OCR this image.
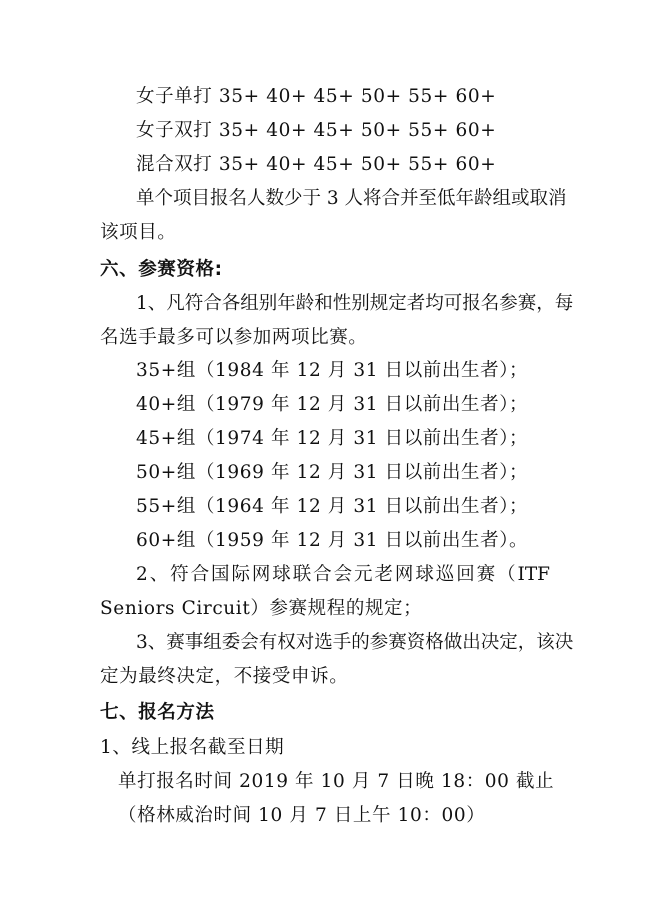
女子单打 35+ 40+ 45+ 50+ 55+ 60+
女子双打 35+ 40+ 45+ 50+ 55+ 60+
混合双打 35+ 40+ 45+ 50+ 55+ 60+
单个项目报名人数少于 3 人将合并至低年龄组或取消
该项目。
六、参赛资格:
1、凡符合各组别年龄和性别规定者均可报名参赛，每
名选手最多可以参加两项比赛。
35+组（1984 年 12 月 31 日以前出生者）；
40+组（1979 年 12 月 31 日以前出生者）；
45+组（1974 年 12 月 31 日以前出生者）；
50+组（1969 年 12 月 31 日以前出生者）；
55+组（1964 年 12 月 31 日以前出生者）；
60+组（1959 年 12 月 31 日以前出生者）。
2、符合国际网球联合会元老网球巡回赛（ITF
Seniors Circuit）参赛规程的规定；
3、赛事组委会有权对选手的参赛资格做出决定，该决
定为最终决定，不接受申诉。
七、报名方法
1、线上报名截至日期
单打报名时间 2019 年 10 月 7 日晚 18：00 截止
（格林威治时间 10 月 7 日上午 10：00）
